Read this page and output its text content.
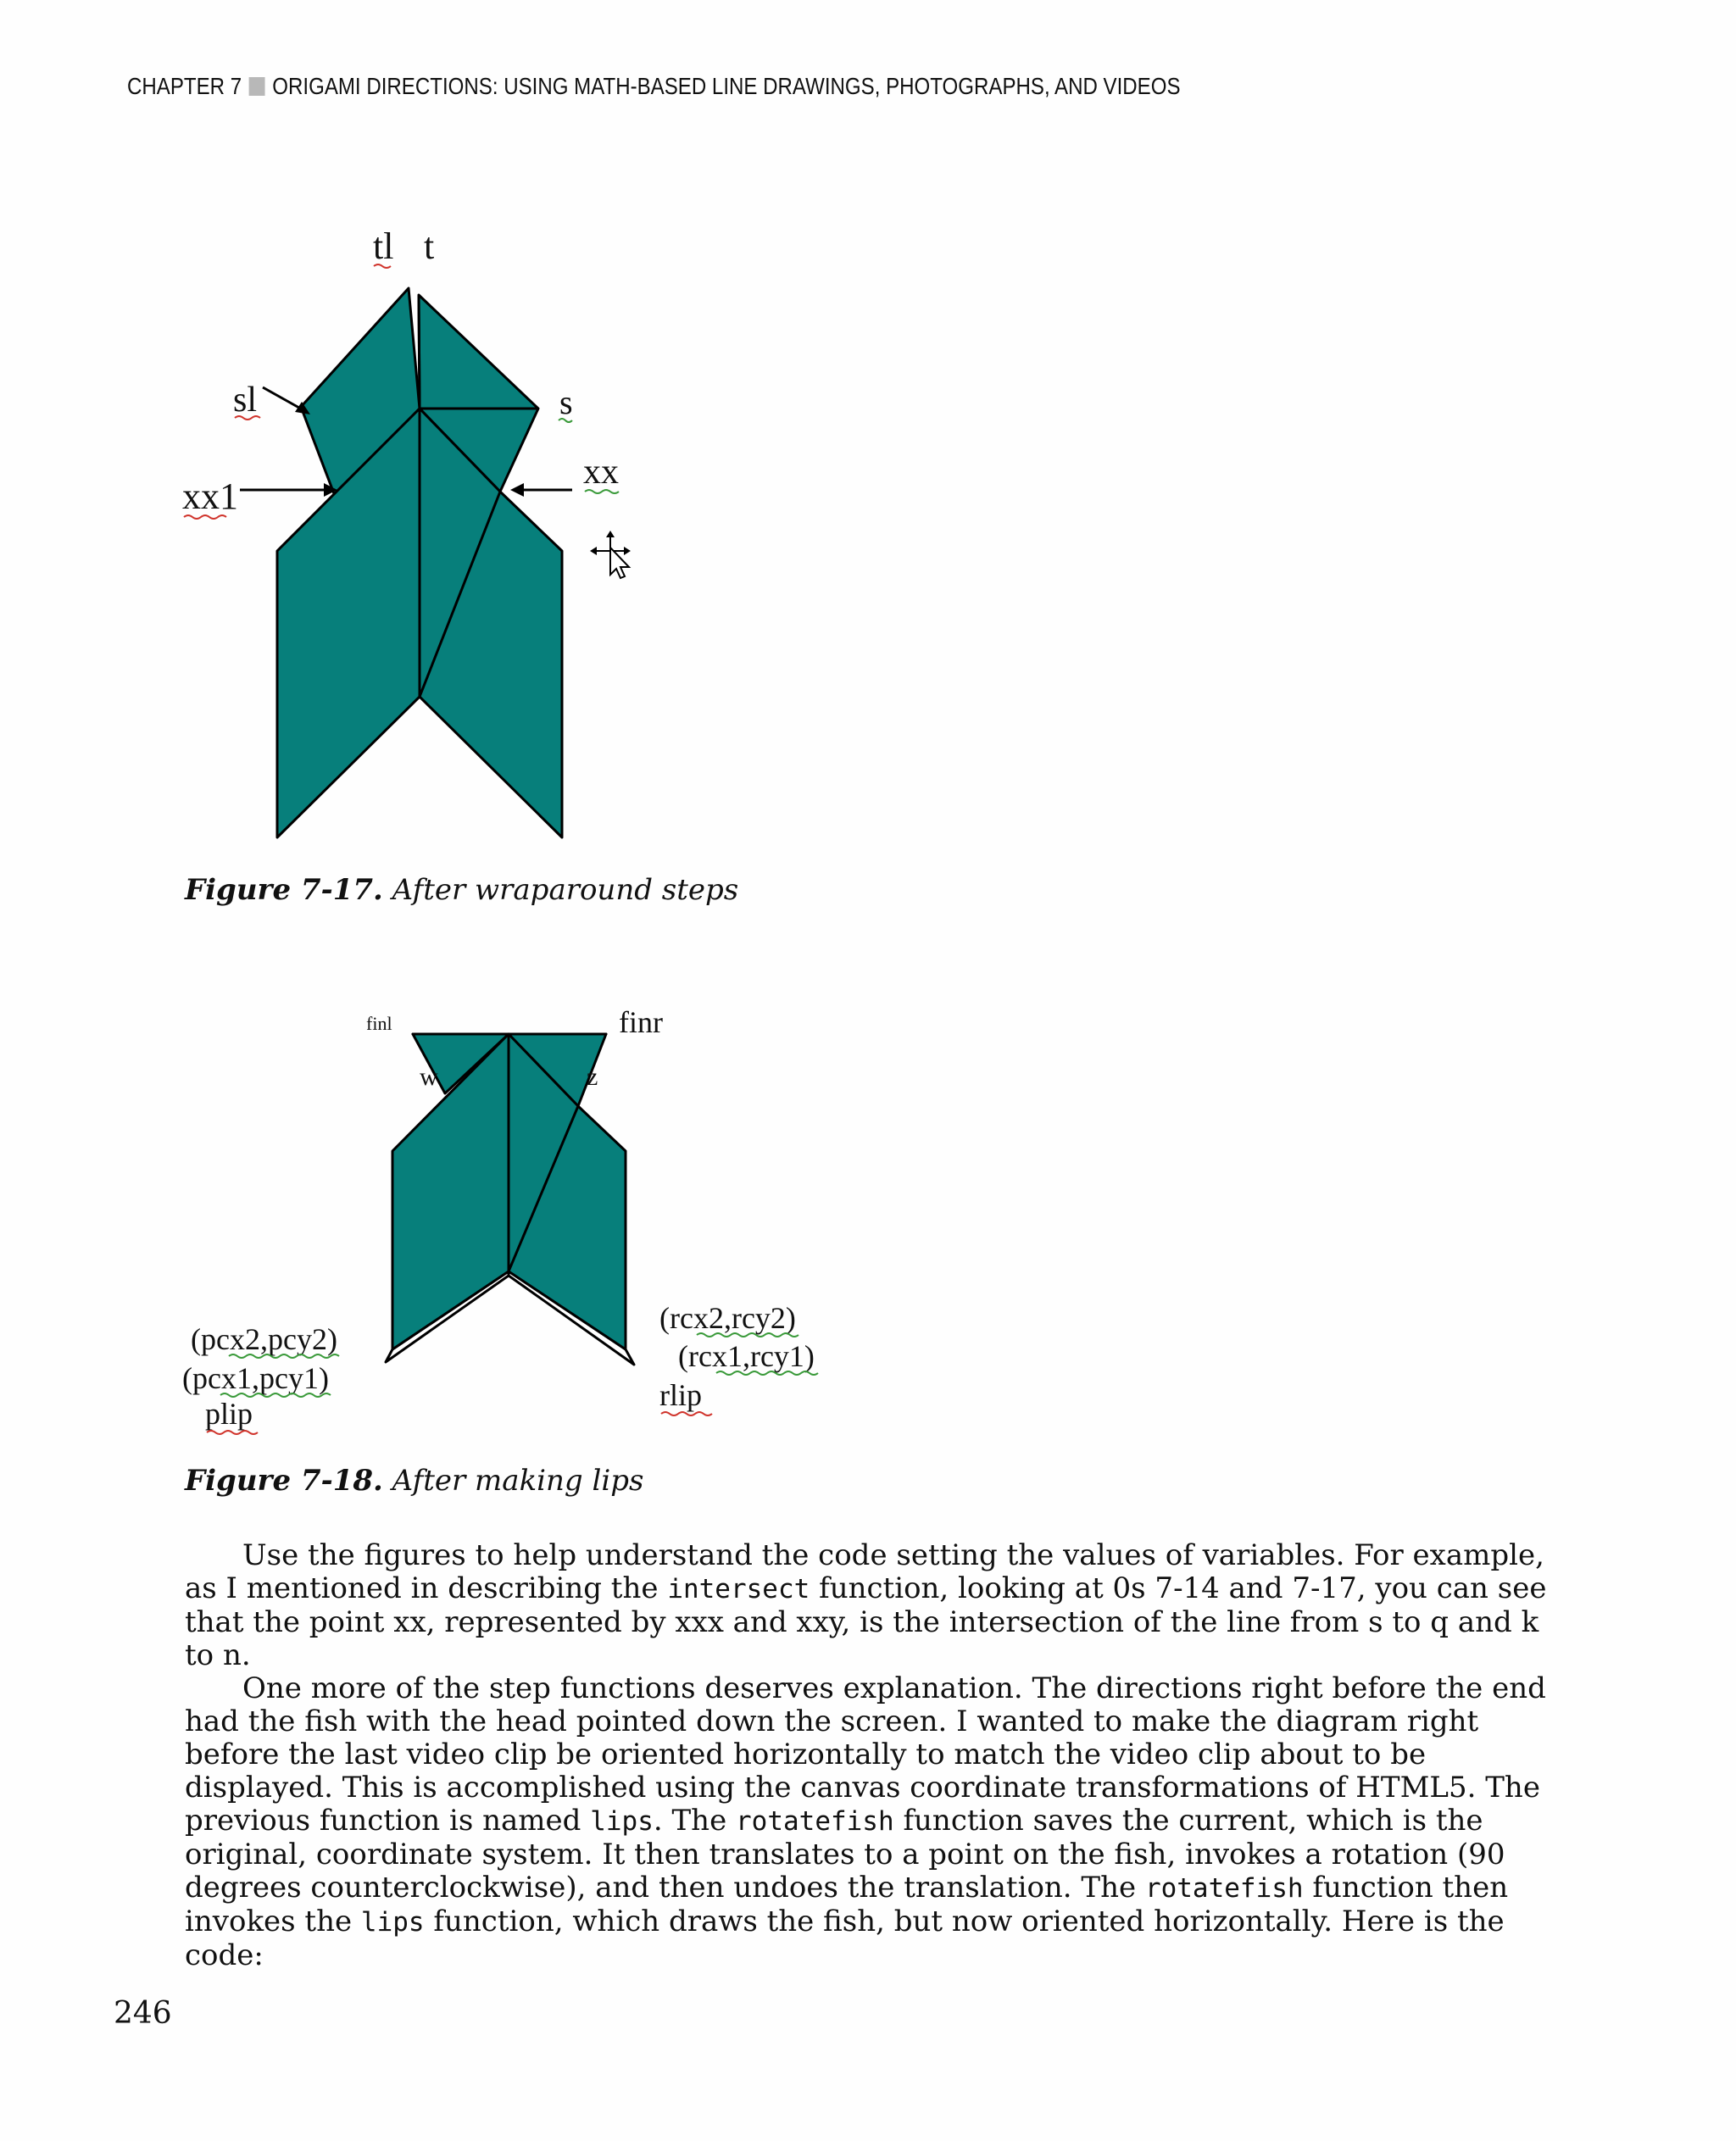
CHAPTER 7 ORIGAMI DIRECTIONS: USING MATH-BASED LINE DRAWINGS, PHOTOGRAPHS, AND VIDEOS
tl t
sl	s
xx1
xx
Figure 7-17. After wraparound steps
finl	finr
w	z
(pcx2,pcy2)
(pcx1,pcy1)
plip
(rcx2,rcy2)
(rcx1,rcy1)
rlip
Figure 7-18. After making lips

Use the figures to help understand the code setting the values of variables. For example, as I mentioned in describing the intersect function, looking at 0s 7-14 and 7-17, you can see that the point xx, represented by xxx and xxy, is the intersection of the line from s to q and k to n.

One more of the step functions deserves explanation. The directions right before the end had the fish with the head pointed down the screen. I wanted to make the diagram right before the last video clip be oriented horizontally to match the video clip about to be displayed. This is accomplished using the canvas coordinate transformations of HTML5. The previous function is named lips. The rotatefish function saves the current, which is the original, coordinate system. It then translates to a point on the fish, invokes a rotation (90 degrees counterclockwise), and then undoes the translation. The rotatefish function then invokes the lips function, which draws the fish, but now oriented horizontally. Here is the code:

246
